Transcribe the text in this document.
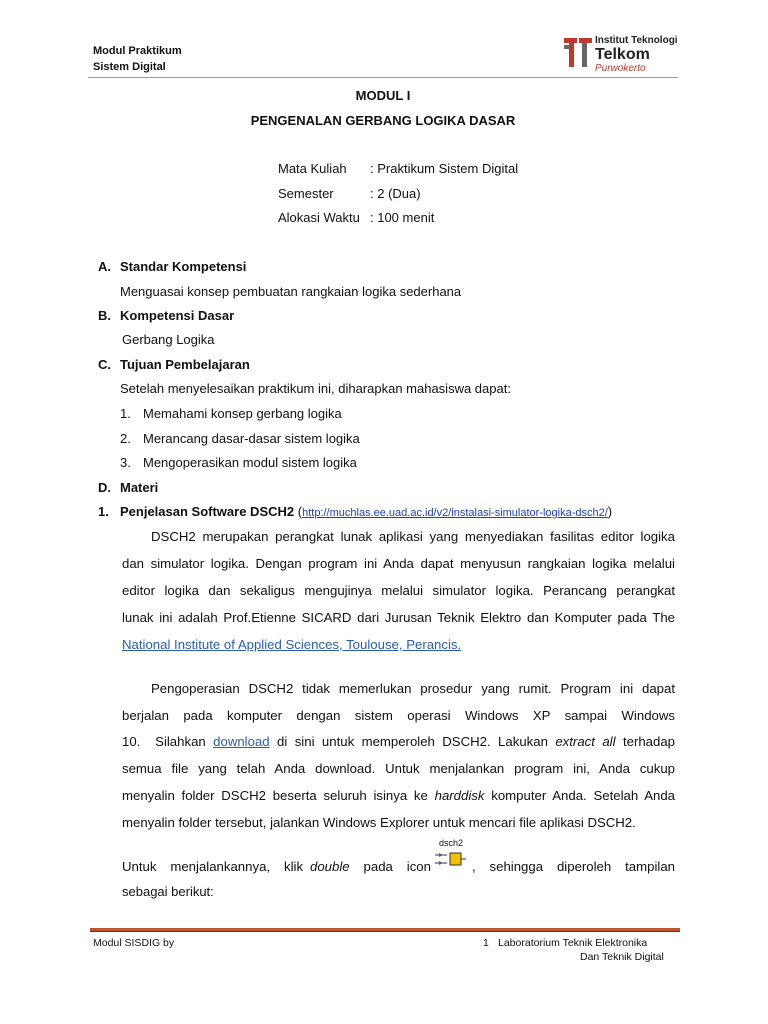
Modul Praktikum
Sistem Digital
Institut Teknologi
Telkom
Purwokerto
MODUL I
PENGENALAN GERBANG LOGIKA DASAR
Mata Kuliah : Praktikum Sistem Digital
Semester	: 2 (Dua)
Alokasi Waktu : 100 menit
A. Standar Kompetensi
Menguasai konsep pembuatan rangkaian logika sederhana
B. Kompetensi Dasar
Gerbang Logika
C. Tujuan Pembelajaran
Setelah menyelesaikan praktikum ini, diharapkan mahasiswa dapat:
1. Memahami konsep gerbang logika
2. Merancang dasar-dasar sistem logika
3. Mengoperasikan modul sistem logika
D. Materi
1. Penjelasan Software DSCH2 (http://muchlas.ee.uad.ac.id/v2/instalasi-simulator-logika-dsch2/)
DSCH2 merupakan perangkat lunak aplikasi yang menyediakan fasilitas editor logika
dan simulator logika. Dengan program ini Anda dapat menyusun rangkaian logika melalui
editor logika dan sekaligus mengujinya melalui simulator logika. Perancang perangkat
lunak ini adalah Prof.Etienne SICARD dari Jurusan Teknik Elektro dan Komputer pada The
National Institute of Applied Sciences, Toulouse, Perancis.
Pengoperasian DSCH2 tidak memerlukan prosedur yang rumit. Program ini dapat
berjalan pada komputer dengan sistem operasi Windows XP sampai Windows
10.  Silahkan download di sini untuk memperoleh DSCH2. Lakukan extract all terhadap
semua file yang telah Anda download. Untuk menjalankan program ini, Anda cukup
menyalin folder DSCH2 beserta seluruh isinya ke harddisk komputer Anda. Setelah Anda
menyalin folder tersebut, jalankan Windows Explorer untuk mencari file aplikasi DSCH2.
Untuk  menjalankannya,  klik double  pada  icon	,  sehingga  diperoleh  tampilan
dsch2
sebagai berikut:
Modul SISDIG by	1 Laboratorium Teknik Elektronika
Dan Teknik Digital
